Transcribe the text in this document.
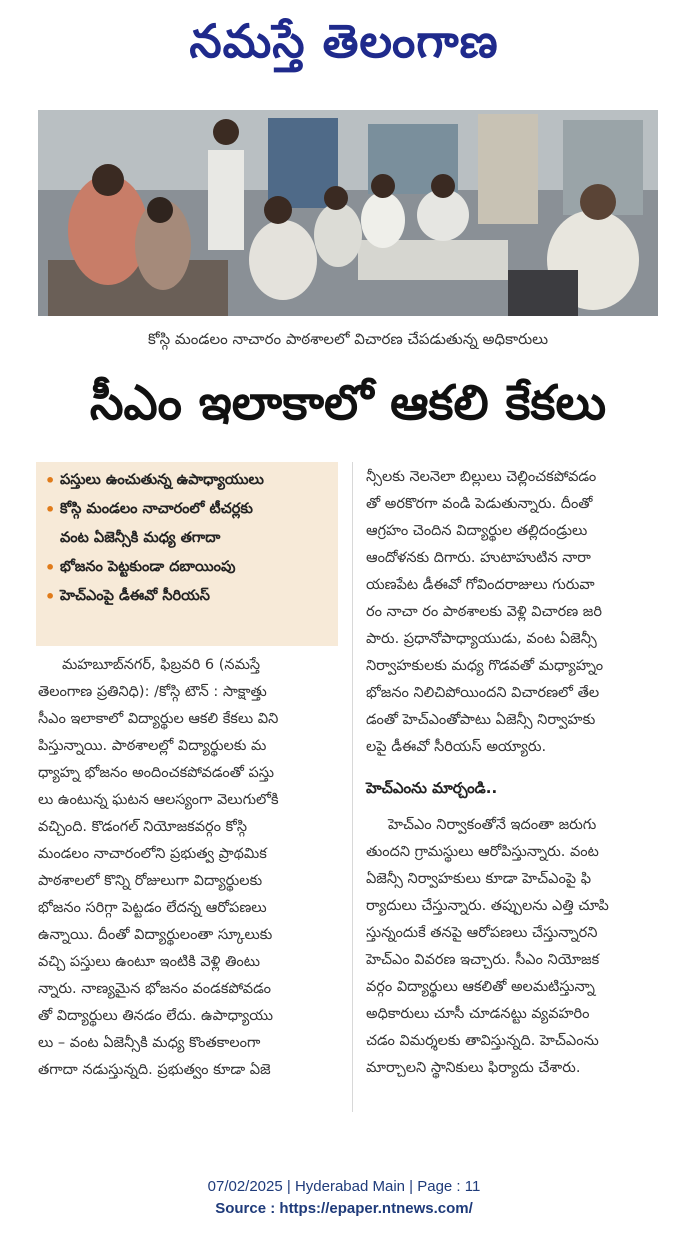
నమస్తే తెలంగాణ
కోస్గి మండలం నాచారం పాఠశాలలో విచారణ చేపడుతున్న అధికారులు
సీఎం ఇలాకాలో ఆకలి కేకలు
• పస్తులు ఉంచుతున్న ఉపాధ్యాయులు
• కోస్గి మండలం నాచారంలో టీచర్లకు
వంట ఏజెన్సీకి మధ్య తగాదా
• భోజనం పెట్టకుండా దబాయింపు
• హెచ్‌ఎంపై డీఈవో సీరియస్

మహబూబ్‌నగర్, ఫిబ్రవరి 6 (నమస్తే

తెలంగాణ ప్రతినిధి): /కోస్గి టౌన్ : సాక్షాత్తు

సీఎం ఇలాకాలో విద్యార్థుల ఆకలి కేకలు విని

పిస్తున్నాయి. పాఠశాలల్లో విద్యార్థులకు మ

ధ్యాహ్న భోజనం అందించకపోవడంతో పస్తు

లు ఉంటున్న ఘటన ఆలస్యంగా వెలుగులోకి

వచ్చింది. కొడంగల్ నియోజకవర్గం కోస్గి

మండలం నాచారంలోని ప్రభుత్వ ప్రాథమిక

పాఠశాలలో కొన్ని రోజులుగా విద్యార్థులకు

భోజనం సరిగ్గా పెట్టడం లేదన్న ఆరోపణలు

ఉన్నాయి. దీంతో విద్యార్థులంతా స్కూలుకు

వచ్చి పస్తులు ఉంటూ ఇంటికి వెళ్లి తింటు

న్నారు. నాణ్యమైన భోజనం వండకపోవడం

తో విద్యార్థులు తినడం లేదు. ఉపాధ్యాయు

లు – వంట ఏజెన్సీకి మధ్య కొంతకాలంగా

తగాదా నడుస్తున్నది. ప్రభుత్వం కూడా ఏజె

న్సీలకు నెలనెలా బిల్లులు చెల్లించకపోవడం

తో అరకొరగా వండి పెడుతున్నారు. దీంతో

ఆగ్రహం చెందిన విద్యార్థుల తల్లిదండ్రులు

ఆందోళనకు దిగారు. హుటాహుటిన నారా

యణపేట డీఈవో గోవిందరాజులు గురువా

రం నాచా రం పాఠశాలకు వెళ్లి విచారణ జరి

పారు. ప్రధానోపాధ్యాయుడు, వంట ఏజెన్సీ

నిర్వాహకులకు మధ్య గొడవతో మధ్యాహ్నం

భోజనం నిలిచిపోయిందని విచారణలో తేల

డంతో హెచ్‌ఎంతోపాటు ఏజెన్సీ నిర్వాహకు

లపై డీఈవో సీరియస్ అయ్యారు.

హెచ్‌ఎంను మార్చండి..

హెచ్‌ఎం నిర్వాకంతోనే ఇదంతా జరుగు

తుందని గ్రామస్థులు ఆరోపిస్తున్నారు. వంట

ఏజెన్సీ నిర్వాహకులు కూడా హెచ్‌ఎంపై ఫి

ర్యాదులు చేస్తున్నారు. తప్పులను ఎత్తి చూపి

స్తున్నందుకే తనపై ఆరోపణలు చేస్తున్నారని

హెచ్‌ఎం వివరణ ఇచ్చారు. సీఎం నియోజక

వర్గం విద్యార్థులు ఆకలితో అలమటిస్తున్నా

అధికారులు చూసీ చూడనట్టు వ్యవహరిం

చడం విమర్శలకు తావిస్తున్నది. హెచ్‌ఎంను

మార్చాలని స్థానికులు ఫిర్యాదు చేశారు.

07/02/2025 | Hyderabad Main | Page : 11
Source : https://epaper.ntnews.com/
